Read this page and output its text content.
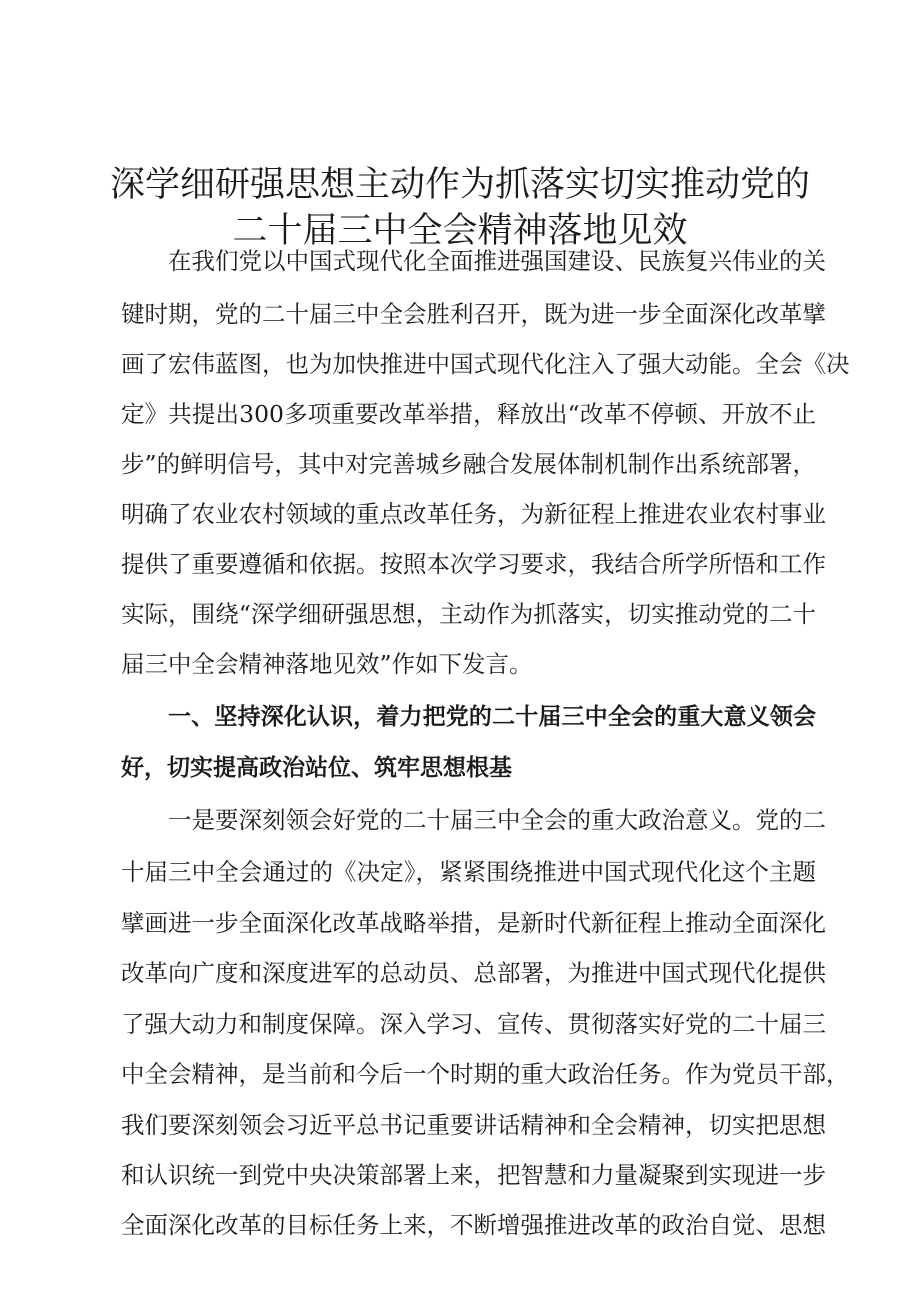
深学细研强思想主动作为抓落实切实推动党的
二十届三中全会精神落地见效

在我们党以中国式现代化全面推进强国建设、民族复兴伟业的关

键时期，党的二十届三中全会胜利召开，既为进一步全面深化改革擘

画了宏伟蓝图，也为加快推进中国式现代化注入了强大动能。全会《决

定》共提出300多项重要改革举措，释放出“改革不停顿、开放不止

步”的鲜明信号，其中对完善城乡融合发展体制机制作出系统部署，

明确了农业农村领域的重点改革任务，为新征程上推进农业农村事业

提供了重要遵循和依据。按照本次学习要求，我结合所学所悟和工作

实际，围绕“深学细研强思想，主动作为抓落实，切实推动党的二十

届三中全会精神落地见效”作如下发言。

一、坚持深化认识，着力把党的二十届三中全会的重大意义领会

好，切实提高政治站位、筑牢思想根基

一是要深刻领会好党的二十届三中全会的重大政治意义。党的二

十届三中全会通过的《决定》，紧紧围绕推进中国式现代化这个主题

擘画进一步全面深化改革战略举措，是新时代新征程上推动全面深化

改革向广度和深度进军的总动员、总部署，为推进中国式现代化提供

了强大动力和制度保障。深入学习、宣传、贯彻落实好党的二十届三

中全会精神，是当前和今后一个时期的重大政治任务。作为党员干部，

我们要深刻领会习近平总书记重要讲话精神和全会精神，切实把思想

和认识统一到党中央决策部署上来，把智慧和力量凝聚到实现进一步

全面深化改革的目标任务上来，不断增强推进改革的政治自觉、思想
